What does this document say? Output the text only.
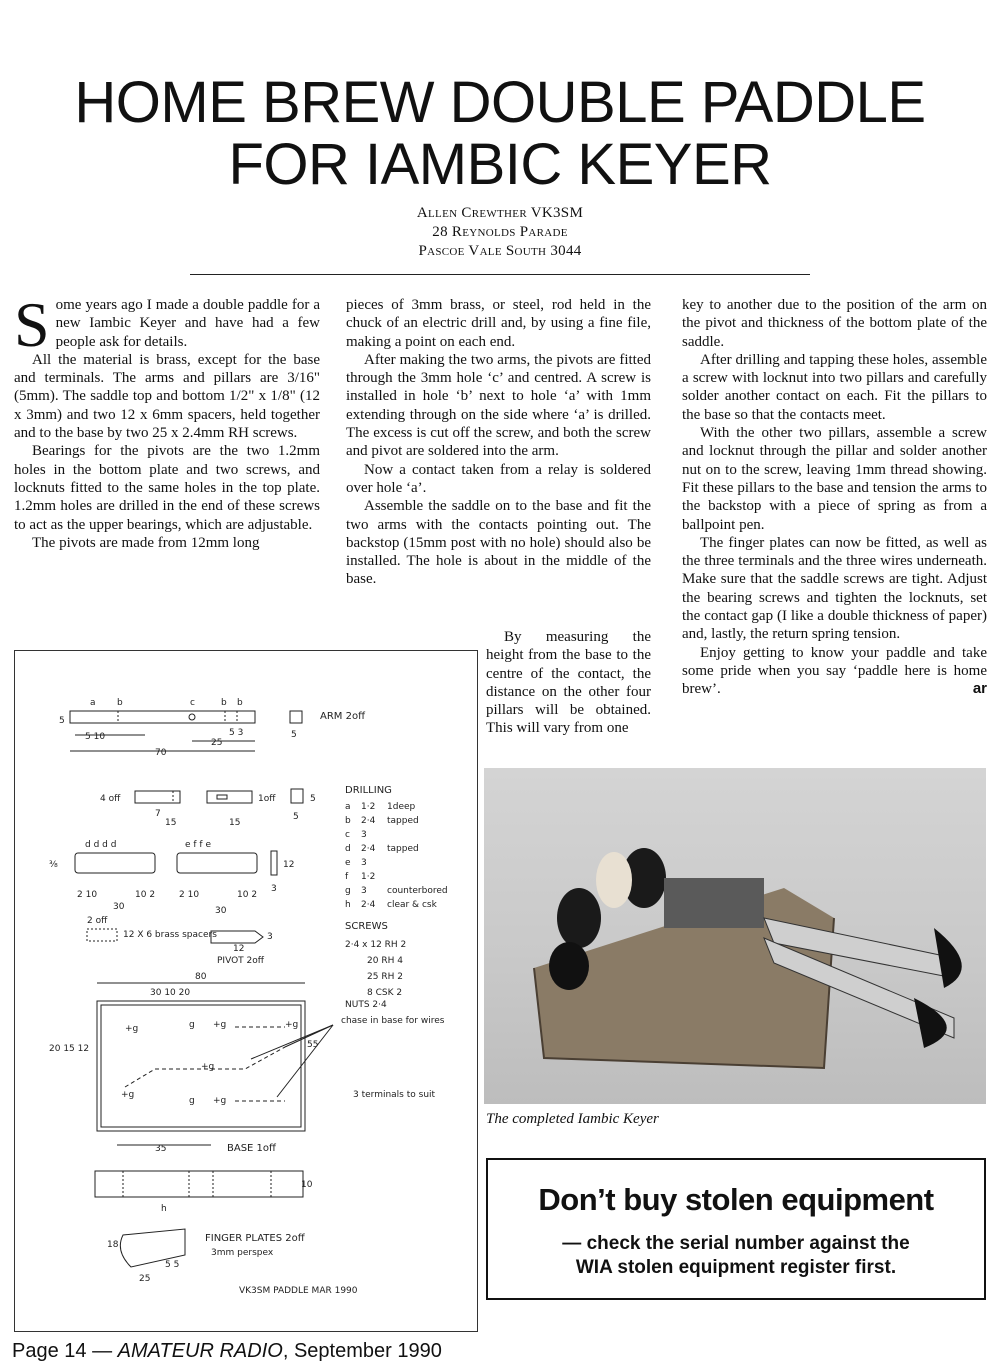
HOME BREW DOUBLE PADDLE
FOR IAMBIC KEYER
Allen Crewther VK3SM
28 Reynolds Parade
Pascoe Vale South 3044

Some years ago I made a double paddle for a new Iambic Keyer and have had a few people ask for details.

All the material is brass, except for the base and terminals. The arms and pillars are 3/16" (5mm). The saddle top and bottom 1/2" x 1/8" (12 x 3mm) and two 12 x 6mm spacers, held together and to the base by two 25 x 2.4mm RH screws.

Bearings for the pivots are the two 1.2mm holes in the bottom plate and two screws, and locknuts fitted to the same holes in the top plate. 1.2mm holes are drilled in the end of these screws to act as the upper bearings, which are adjustable.

The pivots are made from 12mm long

pieces of 3mm brass, or steel, rod held in the chuck of an electric drill and, by using a fine file, making a point on each end.

After making the two arms, the pivots are fitted through the 3mm hole ‘c’ and centred. A screw is installed in hole ‘b’ next to hole ‘a’ with 1mm extending through on the side where ‘a’ is drilled. The excess is cut off the screw, and both the screw and pivot are soldered into the arm.

Now a contact taken from a relay is soldered over hole ‘a’.

Assemble the saddle on to the base and fit the two arms with the contacts pointing out. The backstop (15mm post with no hole) should also be installed. The hole is about in the middle of the base.

By measuring the height from the base to the centre of the contact, the distance on the other four pillars will be obtained. This will vary from one

key to another due to the position of the arm on the pivot and thickness of the bottom plate of the saddle.

After drilling and tapping these holes, assemble a screw with locknut into two pillars and carefully solder another contact on each. Fit the pillars to the base so that the contacts meet.

With the other two pillars, assemble a screw and locknut through the pillar and solder another nut on to the screw, leaving 1mm thread showing. Fit these pillars to the base and tension the arms to the backstop with a piece of spring as from a ballpoint pen.

The finger plates can now be fitted, as well as the three terminals and the three wires underneath. Make sure that the saddle screws are tight. Adjust the bearing screws and tighten the locknuts, set the contact gap (I like a double thickness of paper) and, lastly, the return spring tension.

Enjoy getting to know your paddle and take some pride when you say ‘paddle here is home brew’.	ar

a b	c	b b
5
5 10
70
25
5 3	5
ARM 2off
4 off
7
15
1off
15
5
5
DRILLING
a 1·2 1deep
b 2·4 tapped
c 3
d 2·4 tapped
e 3
f 1·2
g 3 counterbored
h 2·4 clear & csk
d d d d
⅜
2 10
30
10 2
e f f e
2 10
30
10 2
12
3
2 off
12 X 6 brass spacers
12
3
PIVOT 2off
SCREWS
2·4 x 12 RH 2
20 RH 4
25 RH 2
8 CSK 2
NUTS 2·4
chase in base for wires
3 terminals to suit
80
30 10 20
20 15 12	55
+g	g +g	+g
+g
+g
g +g
35	BASE 1off
10
h
18
25
5 5
FINGER PLATES 2off
3mm perspex
VK3SM PADDLE MAR 1990
The completed Iambic Keyer
Don’t buy stolen equipment
— check the serial number against the
WIA stolen equipment register first.
Page 14 — AMATEUR RADIO, September 1990
